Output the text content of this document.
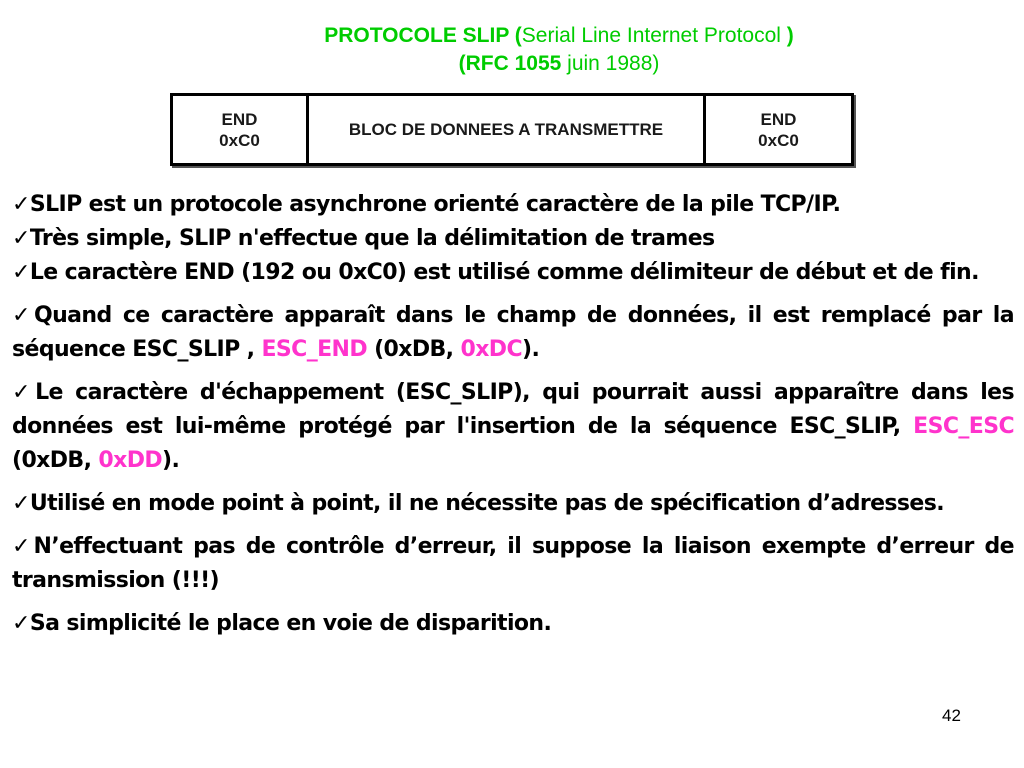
PROTOCOLE SLIP (Serial Line Internet Protocol )
(RFC 1055 juin 1988)
END
0xC0
BLOC DE DONNEES A TRANSMETTRE
END
0xC0

✓SLIP est un protocole asynchrone orienté caractère de la pile TCP/IP.

✓Très simple, SLIP n'effectue que la délimitation de trames

✓Le caractère END (192 ou 0xC0) est utilisé comme délimiteur de début et de fin.

✓Quand ce caractère apparaît dans le champ de données, il est remplacé par la séquence ESC_SLIP , ESC_END (0xDB, 0xDC).

✓Le caractère d'échappement (ESC_SLIP), qui pourrait aussi apparaître dans les données est lui-même protégé par l'insertion de la séquence ESC_SLIP, ESC_ESC (0xDB, 0xDD).

✓Utilisé en mode point à point, il ne nécessite pas de spécification d’adresses.

✓N’effectuant pas de contrôle d’erreur, il suppose la liaison exempte d’erreur de transmission (!!!)

✓Sa simplicité le place en voie de disparition.

42
